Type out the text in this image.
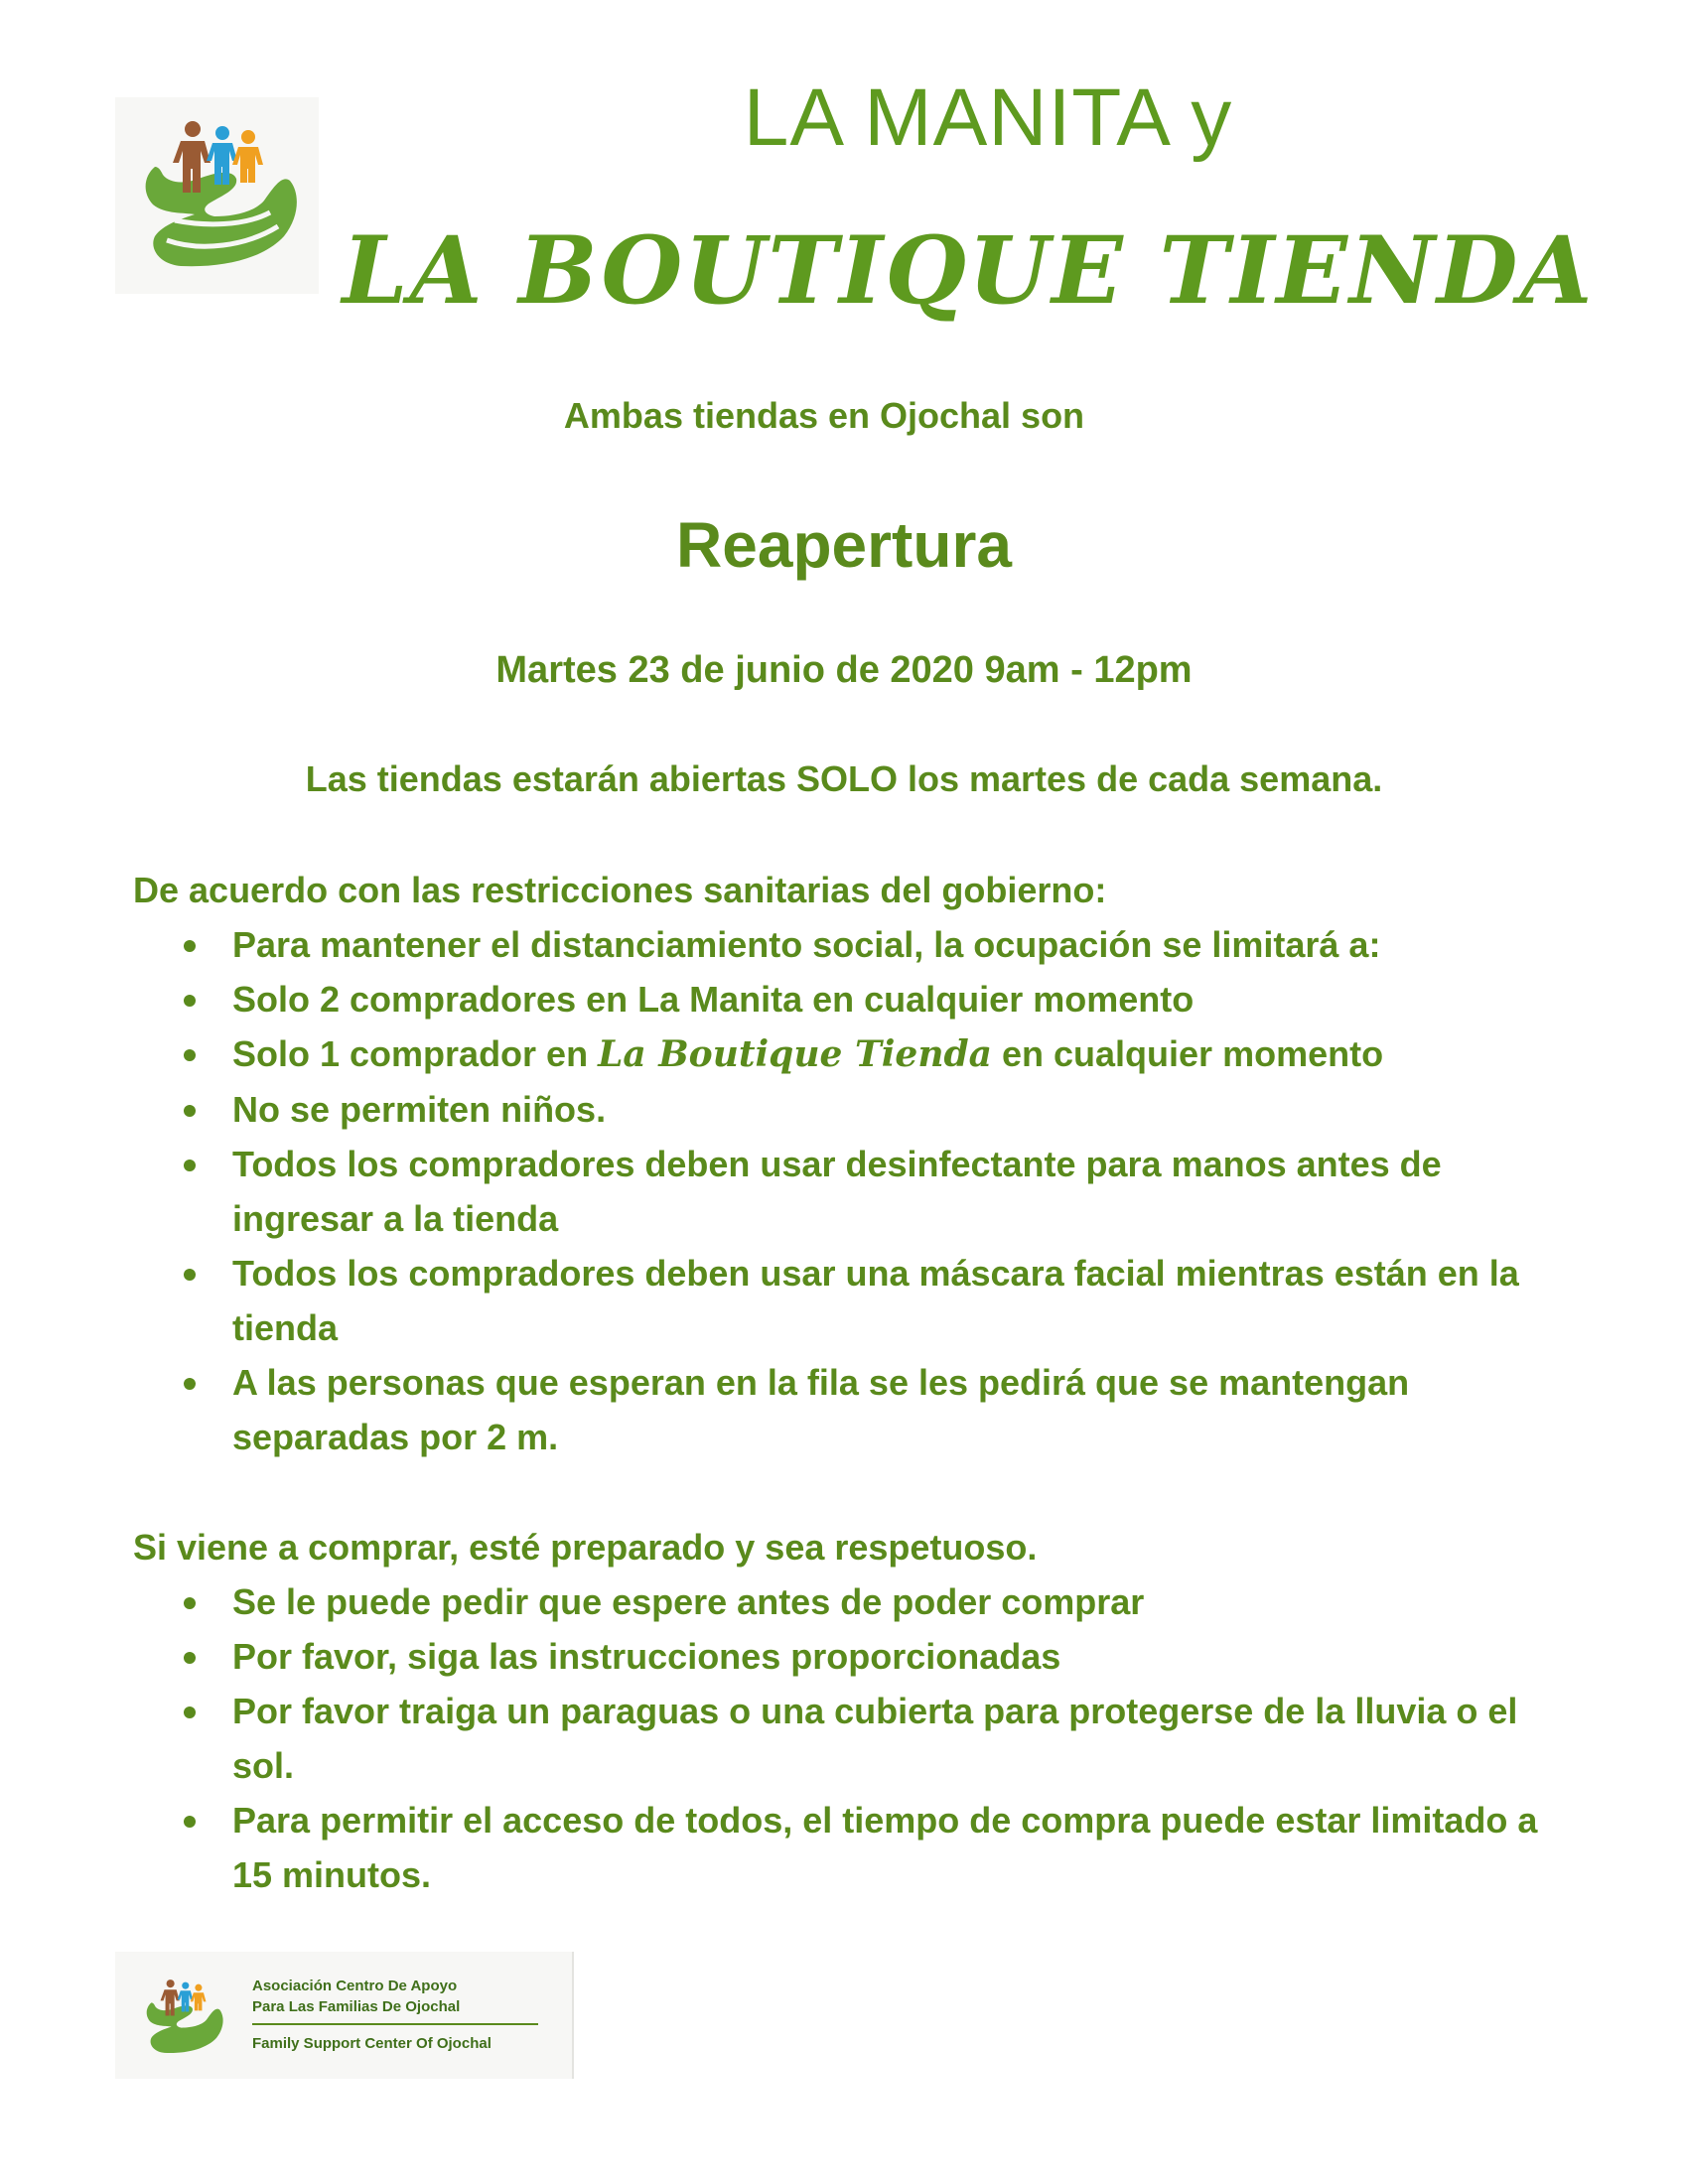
LA MANITA y
LA BOUTIQUE TIENDA
Ambas tiendas en Ojochal son
Reapertura
Martes 23 de junio de 2020 9am - 12pm
Las tiendas estarán abiertas SOLO los martes de cada semana.
De acuerdo con las restricciones sanitarias del gobierno:
Para mantener el distanciamiento social, la ocupación se limitará a:
Solo 2 compradores en La Manita en cualquier momento
Solo 1 comprador en La Boutique Tienda en cualquier momento
No se permiten niños.
Todos los compradores deben usar desinfectante para manos antes de ingresar a la tienda
Todos los compradores deben usar una máscara facial mientras están en la tienda
A las personas que esperan en la fila se les pedirá que se mantengan separadas por 2 m.
Si viene a comprar, esté preparado y sea respetuoso.
Se le puede pedir que espere antes de poder comprar
Por favor, siga las instrucciones proporcionadas
Por favor traiga un paraguas o una cubierta para protegerse de la lluvia o el sol.
Para permitir el acceso de todos, el tiempo de compra puede estar limitado a 15 minutos.
Asociación Centro De Apoyo
Para Las Familias De Ojochal
Family Support Center Of Ojochal
